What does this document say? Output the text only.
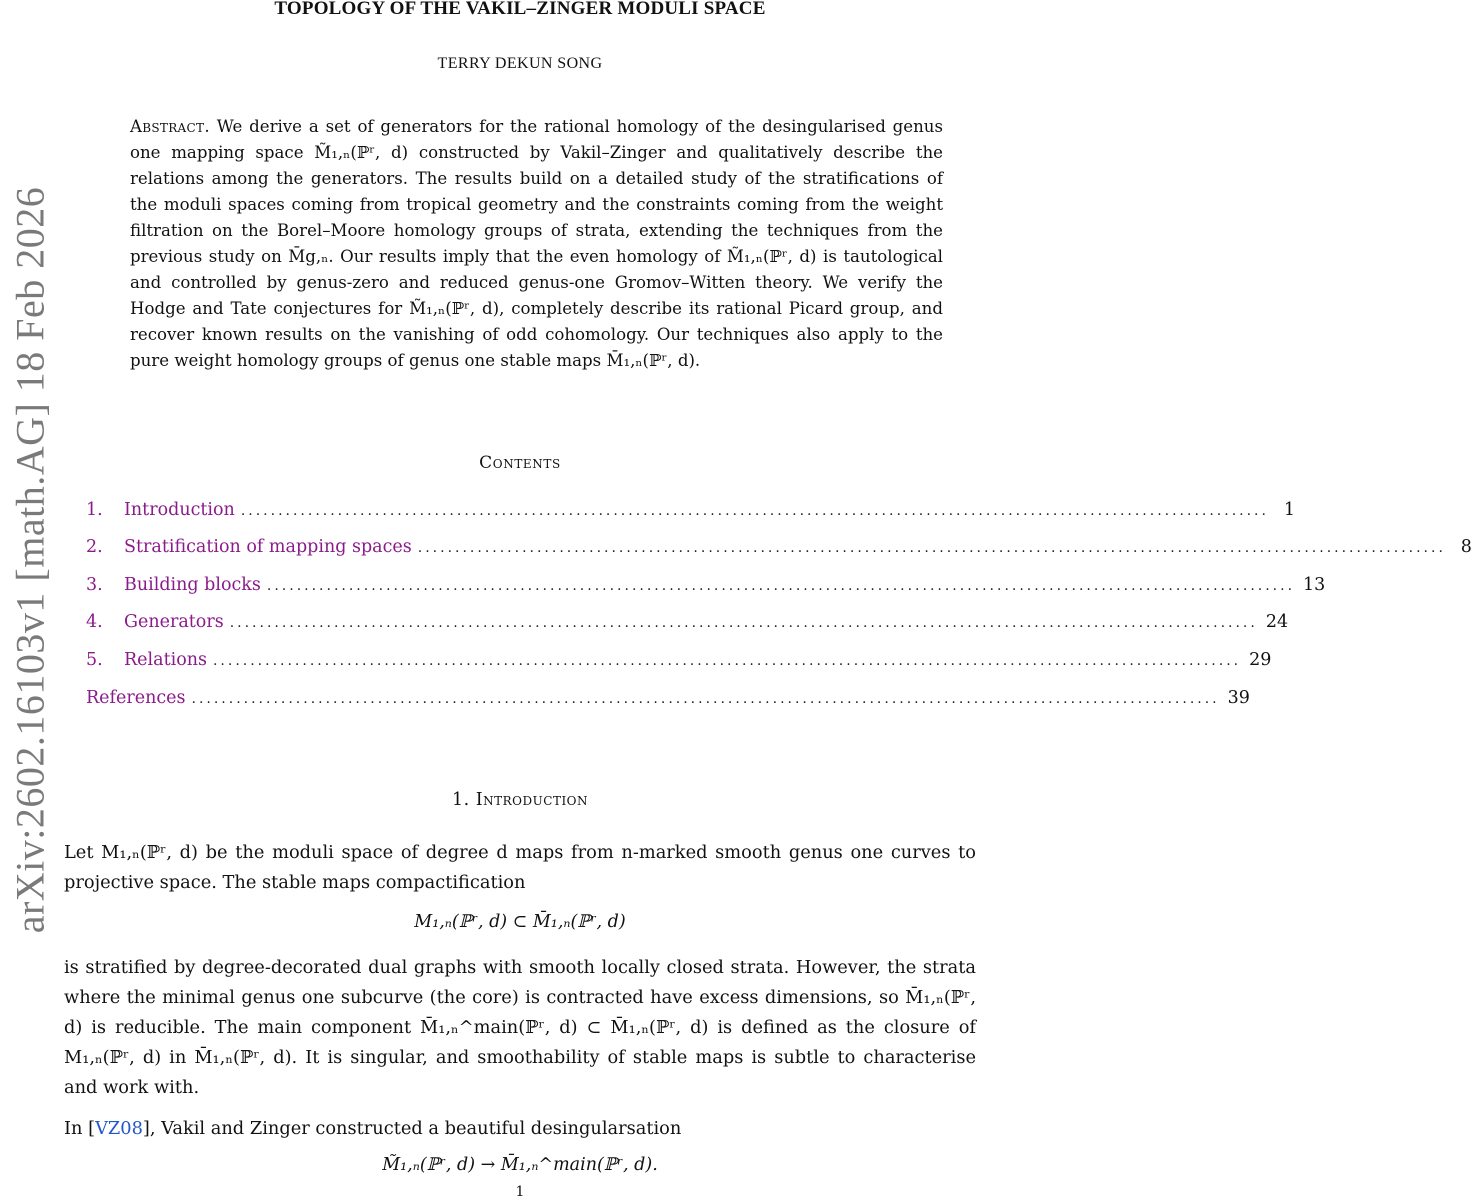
arXiv:2602.16103v1 [math.AG] 18 Feb 2026
TOPOLOGY OF THE VAKIL–ZINGER MODULI SPACE
TERRY DEKUN SONG
Abstract. We derive a set of generators for the rational homology of the desingularised genus one mapping space M̃₁,ₙ(ℙʳ, d) constructed by Vakil–Zinger and qualitatively describe the relations among the generators. The results build on a detailed study of the stratifications of the moduli spaces coming from tropical geometry and the constraints coming from the weight filtration on the Borel–Moore homology groups of strata, extending the techniques from the previous study on M̄g,ₙ. Our results imply that the even homology of M̃₁,ₙ(ℙʳ, d) is tautological and controlled by genus-zero and reduced genus-one Gromov–Witten theory. We verify the Hodge and Tate conjectures for M̃₁,ₙ(ℙʳ, d), completely describe its rational Picard group, and recover known results on the vanishing of odd cohomology. Our techniques also apply to the pure weight homology groups of genus one stable maps M̄₁,ₙ(ℙʳ, d).
Contents
1. Introduction .......................................................................................................................................... 1
2. Stratification of mapping spaces .......................................................................................................................................... 8
3. Building blocks .......................................................................................................................................... 13
4. Generators .......................................................................................................................................... 24
5. Relations .......................................................................................................................................... 29
References .......................................................................................................................................... 39
1. Introduction
Let M₁,ₙ(ℙʳ, d) be the moduli space of degree d maps from n-marked smooth genus one curves to projective space. The stable maps compactification
M₁,ₙ(ℙʳ, d) ⊂ M̄₁,ₙ(ℙʳ, d)
is stratified by degree-decorated dual graphs with smooth locally closed strata. However, the strata where the minimal genus one subcurve (the core) is contracted have excess dimensions, so M̄₁,ₙ(ℙʳ, d) is reducible. The main component M̄₁,ₙ^main(ℙʳ, d) ⊂ M̄₁,ₙ(ℙʳ, d) is defined as the closure of M₁,ₙ(ℙʳ, d) in M̄₁,ₙ(ℙʳ, d). It is singular, and smoothability of stable maps is subtle to characterise and work with.
In [VZ08], Vakil and Zinger constructed a beautiful desingularsation
M̃₁,ₙ(ℙʳ, d) → M̄₁,ₙ^main(ℙʳ, d).
1
